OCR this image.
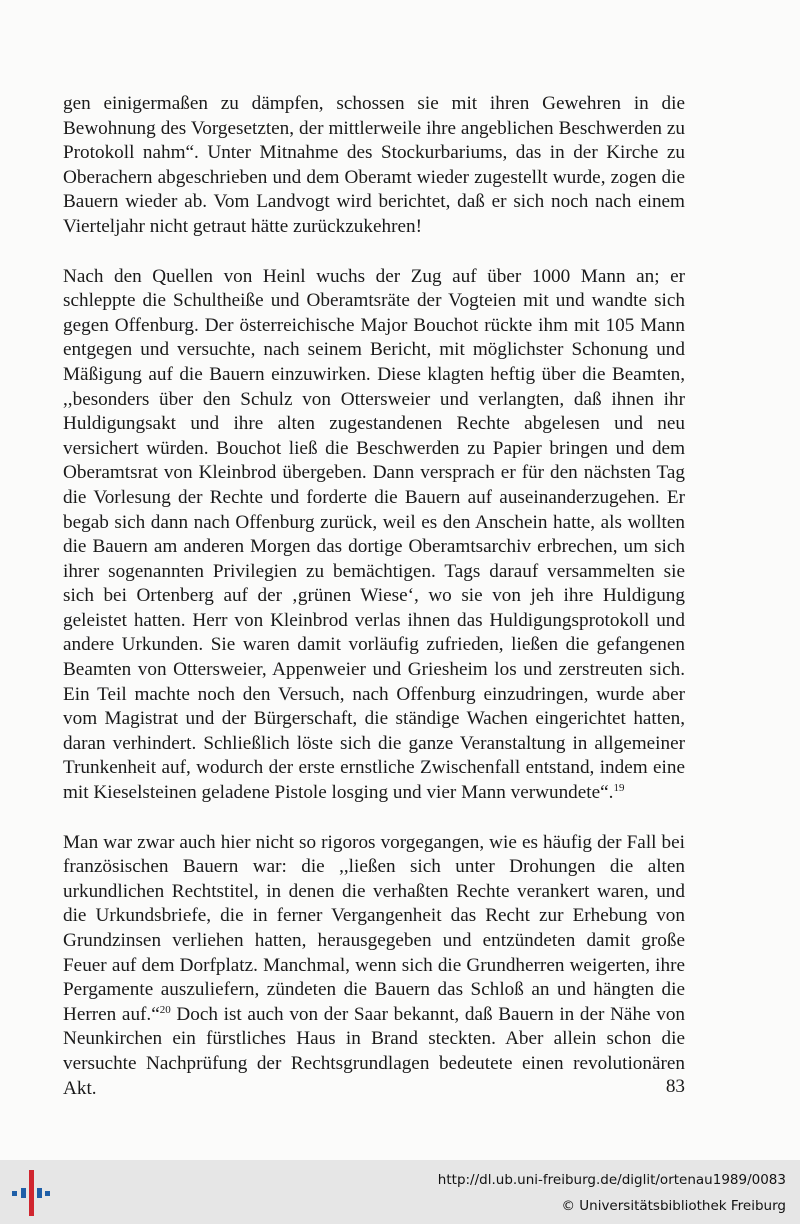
gen einigermaßen zu dämpfen, schossen sie mit ihren Gewehren in die Bewohnung des Vorgesetzten, der mittlerweile ihre angeblichen Beschwerden zu Protokoll nahm“. Unter Mitnahme des Stockurbariums, das in der Kirche zu Oberachern abgeschrieben und dem Oberamt wieder zugestellt wurde, zogen die Bauern wieder ab. Vom Landvogt wird berichtet, daß er sich noch nach einem Vierteljahr nicht getraut hätte zurückzukehren!

Nach den Quellen von Heinl wuchs der Zug auf über 1000 Mann an; er schleppte die Schultheiße und Oberamtsräte der Vogteien mit und wandte sich gegen Offenburg. Der österreichische Major Bouchot rückte ihm mit 105 Mann entgegen und versuchte, nach seinem Bericht, mit möglichster Schonung und Mäßigung auf die Bauern einzuwirken. Diese klagten heftig über die Beamten, ,,besonders über den Schulz von Ottersweier und verlangten, daß ihnen ihr Huldigungsakt und ihre alten zugestandenen Rechte abgelesen und neu versichert würden. Bouchot ließ die Beschwerden zu Papier bringen und dem Oberamtsrat von Kleinbrod übergeben. Dann versprach er für den nächsten Tag die Vorlesung der Rechte und forderte die Bauern auf auseinanderzugehen. Er begab sich dann nach Offenburg zurück, weil es den Anschein hatte, als wollten die Bauern am anderen Morgen das dortige Oberamtsarchiv erbrechen, um sich ihrer sogenannten Privilegien zu bemächtigen. Tags darauf versammelten sie sich bei Ortenberg auf der ‚grünen Wiese‘, wo sie von jeh ihre Huldigung geleistet hatten. Herr von Kleinbrod verlas ihnen das Huldigungsprotokoll und andere Urkunden. Sie waren damit vorläufig zufrieden, ließen die gefangenen Beamten von Ottersweier, Appenweier und Griesheim los und zerstreuten sich. Ein Teil machte noch den Versuch, nach Offenburg einzudringen, wurde aber vom Magistrat und der Bürgerschaft, die ständige Wachen eingerichtet hatten, daran verhindert. Schließlich löste sich die ganze Veranstaltung in allgemeiner Trunkenheit auf, wodurch der erste ernstliche Zwischenfall entstand, indem eine mit Kieselsteinen geladene Pistole losging und vier Mann verwundete“.$^{19}$

Man war zwar auch hier nicht so rigoros vorgegangen, wie es häufig der Fall bei französischen Bauern war: die ,,ließen sich unter Drohungen die alten urkundlichen Rechtstitel, in denen die verhaßten Rechte verankert waren, und die Urkundsbriefe, die in ferner Vergangenheit das Recht zur Erhebung von Grundzinsen verliehen hatten, herausgegeben und entzündeten damit große Feuer auf dem Dorfplatz. Manchmal, wenn sich die Grundherren weigerten, ihre Pergamente auszuliefern, zündeten die Bauern das Schloß an und hängten die Herren auf.“$^{20}$ Doch ist auch von der Saar bekannt, daß Bauern in der Nähe von Neunkirchen ein fürstliches Haus in Brand steckten. Aber allein schon die versuchte Nachprüfung der Rechtsgrundlagen bedeutete einen revolutionären Akt.	83
http://dl.ub.uni-freiburg.de/diglit/ortenau1989/0083
© Universitätsbibliothek Freiburg
